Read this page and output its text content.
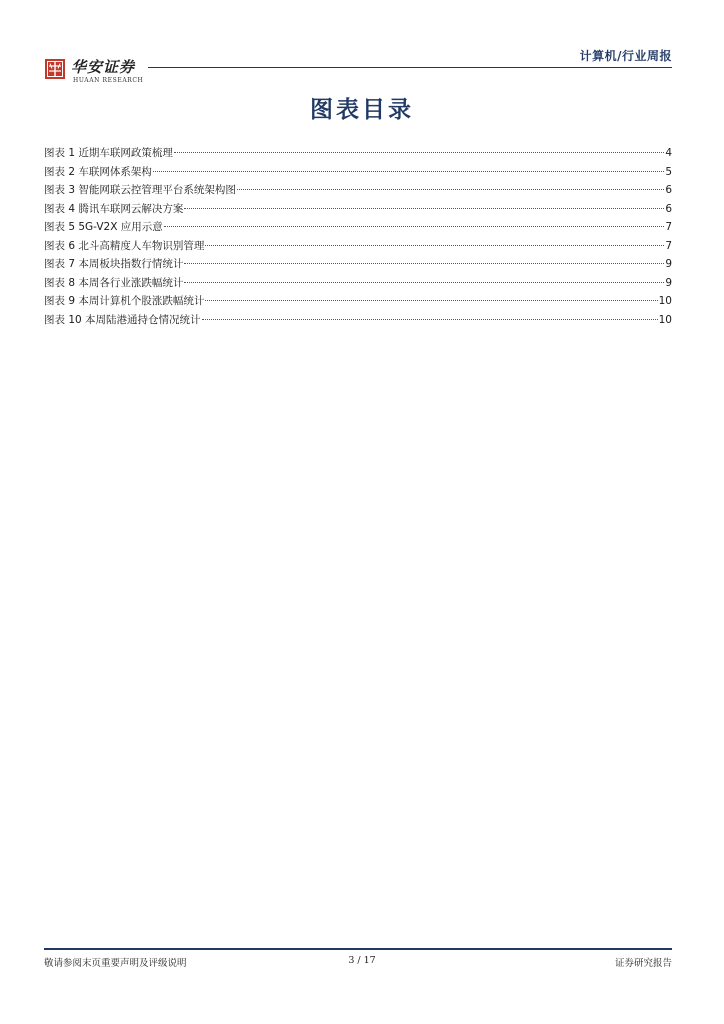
华安证券
HUAAN RESEARCH
计算机/行业周报
图表目录
图表 1 近期车联网政策梳理	4
图表 2 车联网体系架构	5
图表 3 智能网联云控管理平台系统架构图	6
图表 4 腾讯车联网云解决方案	6
图表 5 5G-V2X 应用示意	7
图表 6 北斗高精度人车物识别管理	7
图表 7 本周板块指数行情统计	9
图表 8 本周各行业涨跌幅统计	9
图表 9 本周计算机个股涨跌幅统计	10
图表 10 本周陆港通持仓情况统计	10
敬请参阅末页重要声明及评级说明	3 / 17	证券研究报告
